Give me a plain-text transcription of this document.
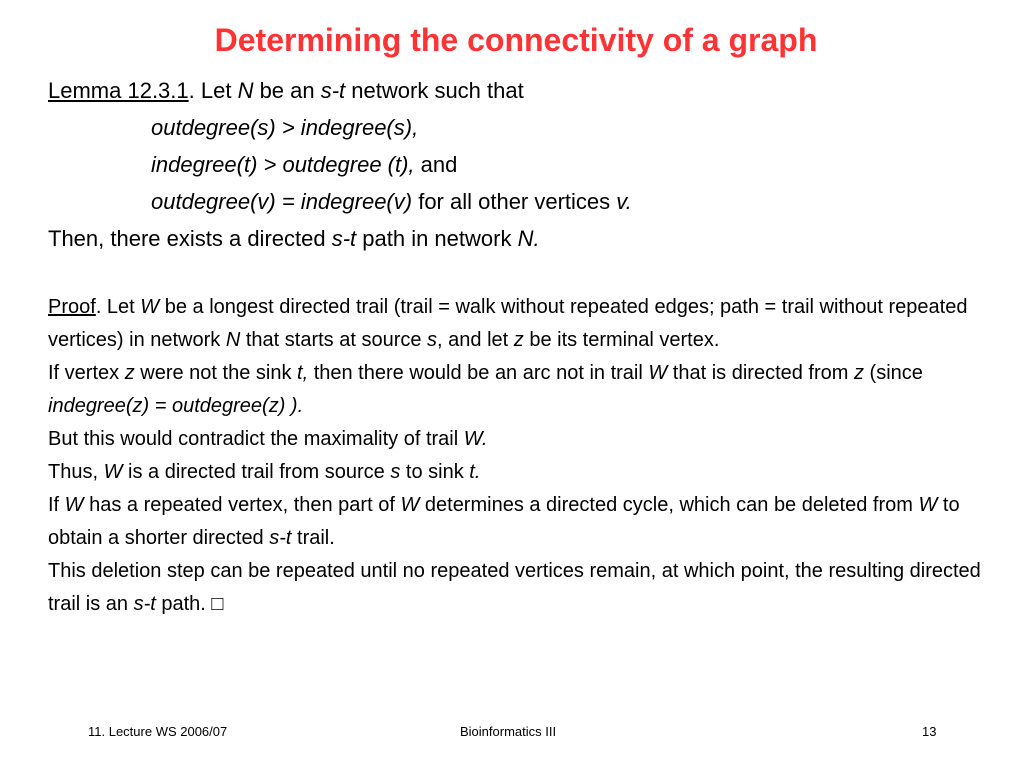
Determining the connectivity of a graph
Lemma 12.3.1. Let N be an s-t network such that
outdegree(s) > indegree(s),
indegree(t) > outdegree (t), and
outdegree(v) = indegree(v) for all other vertices v.
Then, there exists a directed s-t path in network N.

Proof. Let W be a longest directed trail (trail = walk without repeated edges; path = trail without repeated vertices) in network N that starts at source s, and let z be its terminal vertex.

If vertex z were not the sink t, then there would be an arc not in trail W that is directed from z (since indegree(z) = outdegree(z) ).

But this would contradict the maximality of trail W.

Thus, W is a directed trail from source s to sink t.

If W has a repeated vertex, then part of W determines a directed cycle, which can be deleted from W to obtain a shorter directed s-t trail.

This deletion step can be repeated until no repeated vertices remain, at which point, the resulting directed trail is an s-t path. □

11. Lecture WS 2006/07	Bioinformatics III	13
